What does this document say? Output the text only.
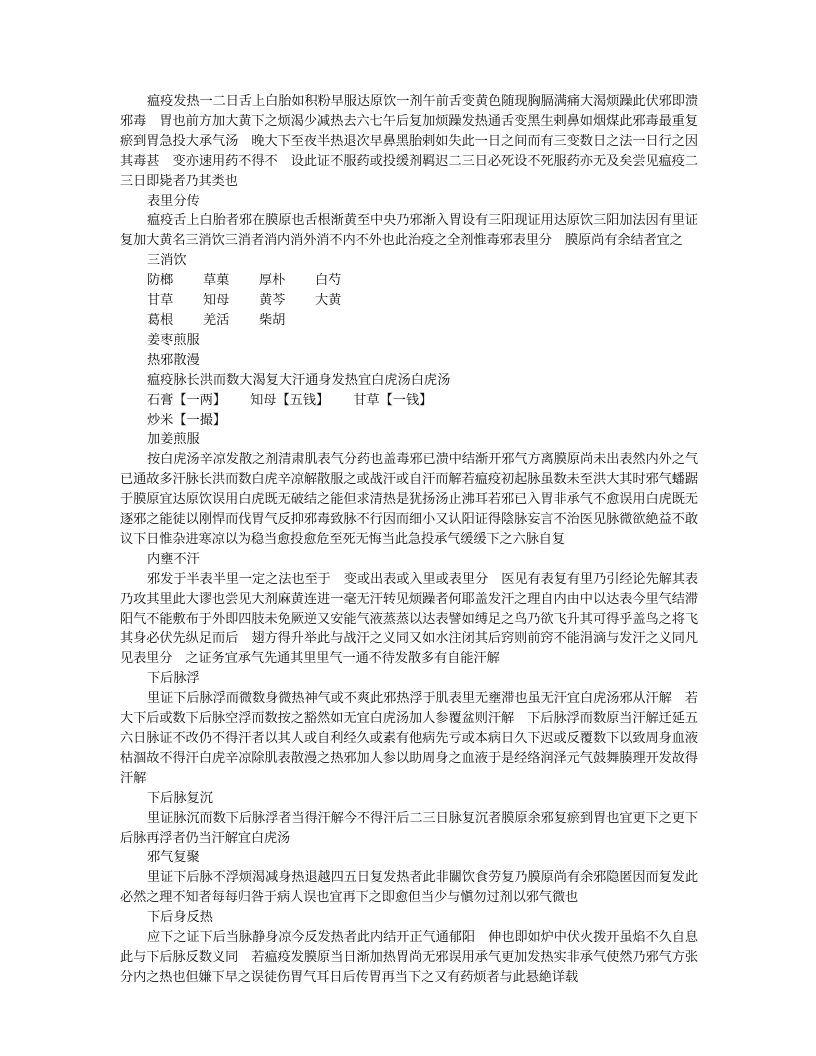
瘟疫发热一二日舌上白胎如积粉早服达原饮一剂午前舌变黄色随现胸膈满痛大渴烦躁此伏邪即溃邪毒　胃也前方加大黄下之烦渴少减热去六七午后复加烦躁发热通舌变黑生剌鼻如烟煤此邪毒最重复瘀到胃急投大承气汤　晚大下至夜半热退次早鼻黑胎剌如失此一日之间而有三变数日之法一日行之因其毒甚　变亦速用药不得不　设此证不服药或投缓剂羁迟二三日必死设不死服药亦无及矣尝见瘟疫二三日即毙者乃其类也

表里分传

瘟疫舌上白胎者邪在膜原也舌根渐黄至中央乃邪渐入胃设有三阳现证用达原饮三阳加法因有里证复加大黄名三消饮三消者消内消外消不内不外也此治疫之全剂惟毒邪表里分　膜原尚有余结者宜之

三消饮

防榔	草菓	厚朴	白芍
甘草	知母	黄芩	大黄
葛根	羌活	柴胡

姜枣煎服

热邪散漫

瘟疫脉长洪而数大渴复大汗通身发热宜白虎汤白虎汤

石膏【一两】 知母【五钱】 甘草【一钱】

炒米【一撮】

加姜煎服

按白虎汤辛凉发散之剂清肃肌表气分药也盖毒邪已溃中结渐开邪气方离膜原尚未出表然内外之气已通故多汗脉长洪而数白虎辛凉解散服之或战汗或自汗而解若瘟疫初起脉虽数未至洪大其时邪气蟠踞于膜原宜达原饮误用白虎既无破结之能但求清热是犹扬汤止沸耳若邪已入胃非承气不愈误用白虎既无逐邪之能徒以刚悍而伐胃气反抑邪毒致脉不行因而细小又认阳证得陰脉妄言不治医见脉微欲絶益不敢议下日惟杂进寒凉以为稳当愈投愈危至死无悔当此急投承气缓缓下之六脉自复

内壅不汗

邪发于半表半里一定之法也至于　变或出表或入里或表里分　医见有表复有里乃引经论先解其表乃攻其里此大谬也尝见大剂麻黄连进一毫无汗转见烦躁者何耶盖发汗之理自内由中以达表今里气结滞阳气不能敷布于外即四肢未免厥逆又安能气液蒸蒸以达表譬如缚足之鸟乃欲飞升其可得乎盖鸟之将飞其身必伏先纵足而后　翅方得升举此与战汗之义同又如水注闭其后窍则前窍不能涓滴与发汗之义同凡见表里分　之证务宜承气先通其里里气一通不待发散多有自能汗解

下后脉浮

里证下后脉浮而微数身微热神气或不爽此邪热浮于肌表里无壅滞也虽无汗宜白虎汤邪从汗解　若大下后或数下后脉空浮而数按之豁然如无宜白虎汤加人参覆盆则汗解　下后脉浮而数原当汗解迁延五六日脉证不改仍不得汗者以其人或自利经久或素有他病先亏或本病日久下迟或反覆数下以致周身血液枯涸故不得汗白虎辛凉除肌表散漫之热邪加人参以助周身之血液于是经络润泽元气鼓舞腠理开发故得汗解

下后脉复沉

里证脉沉而数下后脉浮者当得汗解今不得汗后二三日脉复沉者膜原余邪复瘀到胃也宜更下之更下后脉再浮者仍当汗解宜白虎汤

邪气复聚

里证下后脉不浮烦渴减身热退越四五日复发热者此非關饮食劳复乃膜原尚有余邪隐匿因而复发此必然之理不知者每每归咎于病人误也宜再下之即愈但当少与愼勿过剂以邪气微也

下后身反热

应下之证下后当脉静身凉今反发热者此内结开正气通郁阳　伸也即如炉中伏火拨开虽焰不久自息此与下后脉反数义同　若瘟疫发膜原当日渐加热胃尚无邪误用承气更加发热实非承气使然乃邪气方张分内之热也但嫌下早之误徒伤胃气耳日后传胃再当下之又有药烦者与此悬絶详载
